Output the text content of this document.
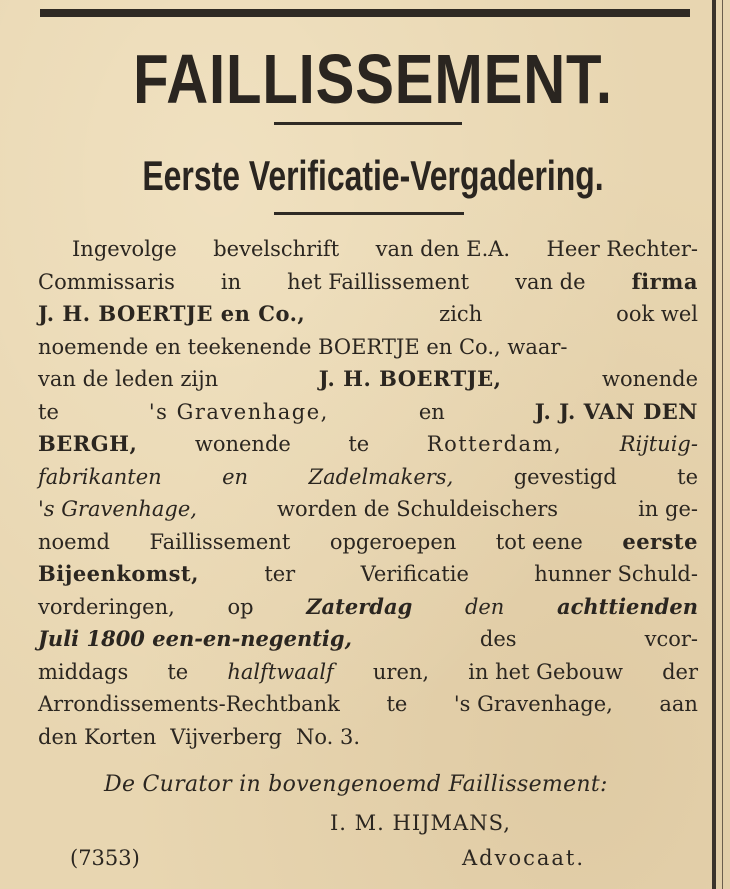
FAILLISSEMENT.
Eerste Verificatie-Vergadering.
Ingevolge bevelschrift van den E.A. Heer Rechter-
Commissaris in het Faillissement van de firma
J. H. BOERTJE en Co.,	zich	ook wel
noemende en teekenende BOERTJE en Co., waar-
van de leden zijn	J. H. BOERTJE,	wonende
te	's Gravenhage,	en	J. J. VAN DEN
BERGH,	wonende	te	Rotterdam,	Rijtuig-
fabrikanten	en	Zadelmakers,	gevestigd	te
's Gravenhage,	worden de Schuldeischers	in ge-
noemd Faillissement opgeroepen tot eene eerste
Bijeenkomst,	ter	Verificatie	hunner Schuld-
vorderingen,	op	Zaterdag	den	achttienden
Juli 1800 een-en-negentig,	des	vcor-
middags te halftwaalf uren, in het Gebouw der
Arrondissements-Rechtbank te 's Gravenhage, aan
den Korten Vijverberg No. 3.
De Curator in bovengenoemd Faillissement:
I. M. HIJMANS,
(7353)	Advocaat.
